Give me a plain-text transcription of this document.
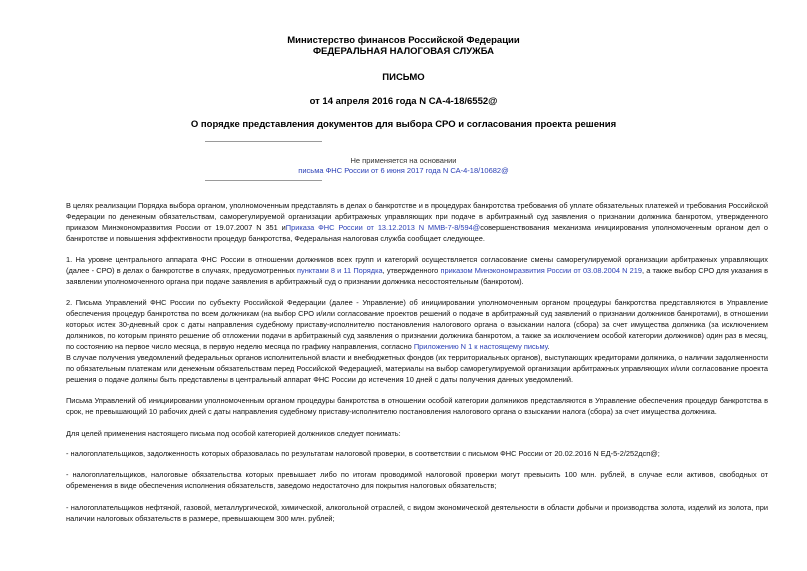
Министерство финансов Российской Федерации
ФЕДЕРАЛЬНАЯ НАЛОГОВАЯ СЛУЖБА
ПИСЬМО
от 14 апреля 2016 года N СА-4-18/6552@
О порядке представления документов для выбора СРО и согласования проекта решения
Не применяется на основании
письма ФНС России от 6 июня 2017 года N СА-4-18/10682@
В целях реализации Порядка выбора органом, уполномоченным представлять в делах о банкротстве и в процедурах банкротства требования об уплате обязательных платежей и требования Российской Федерации по денежным обязательствам, саморегулируемой организации арбитражных управляющих при подаче в арбитражный суд заявления о признании должника банкротом, утвержденного приказом Минэкономразвития России от 19.07.2007 N 351 иПриказа ФНС России от 13.12.2013 N ММВ-7-8/594@совершенствования механизма инициирования уполномоченным органом дел о банкротстве и повышения эффективности процедур банкротства, Федеральная налоговая служба сообщает следующее.
1. На уровне центрального аппарата ФНС России в отношении должников всех групп и категорий осуществляется согласование смены саморегулируемой организации арбитражных управляющих (далее - СРО) в делах о банкротстве в случаях, предусмотренных пунктами 8 и 11 Порядка, утвержденного приказом Минэкономразвития России от 03.08.2004 N 219, а также выбор СРО для указания в заявлении уполномоченного органа при подаче заявления в арбитражный суд о признании должника несостоятельным (банкротом).
2. Письма Управлений ФНС России по субъекту Российской Федерации (далее - Управление) об инициировании уполномоченным органом процедуры банкротства представляются в Управление обеспечения процедур банкротства по всем должникам (на выбор СРО и/или согласование проектов решений о подаче в арбитражный суд заявлений о признании должников банкротами), в отношении которых истек 30-дневный срок с даты направления судебному приставу-исполнителю постановления налогового органа о взыскании налога (сбора) за счет имущества должника (за исключением должников, по которым принято решение об отложении подачи в арбитражный суд заявления о признании должника банкротом, а также за исключением особой категории должников) один раз в месяц, по состоянию на первое число месяца, в первую неделю месяца по графику направления, согласно Приложению N 1 к настоящему письму.
В случае получения уведомлений федеральных органов исполнительной власти и внебюджетных фондов (их территориальных органов), выступающих кредиторами должника, о наличии задолженности по обязательным платежам или денежным обязательствам перед Российской Федерацией, материалы на выбор саморегулируемой организации арбитражных управляющих и/или согласование проекта решения о подаче должны быть представлены в центральный аппарат ФНС России до истечения 10 дней с даты получения данных уведомлений.
Письма Управлений об инициировании уполномоченным органом процедуры банкротства в отношении особой категории должников представляются в Управление обеспечения процедур банкротства в срок, не превышающий 10 рабочих дней с даты направления судебному приставу-исполнителю постановления налогового органа о взыскании налога (сбора) за счет имущества должника.
Для целей применения настоящего письма под особой категорией должников следует понимать:
- налогоплательщиков, задолженность которых образовалась по результатам налоговой проверки, в соответствии с письмом ФНС России от 20.02.2016 N ЕД-5-2/252дсп@;
- налогоплательщиков, налоговые обязательства которых превышает либо по итогам проводимой налоговой проверки могут превысить 100 млн. рублей, в случае если активов, свободных от обременения в виде обеспечения исполнения обязательств, заведомо недостаточно для покрытия налоговых обязательств;
- налогоплательщиков нефтяной, газовой, металлургической, химической, алкогольной отраслей, с видом экономической деятельности в области добычи и производства золота, изделий из золота, при наличии налоговых обязательств в размере, превышающем 300 млн. рублей;
